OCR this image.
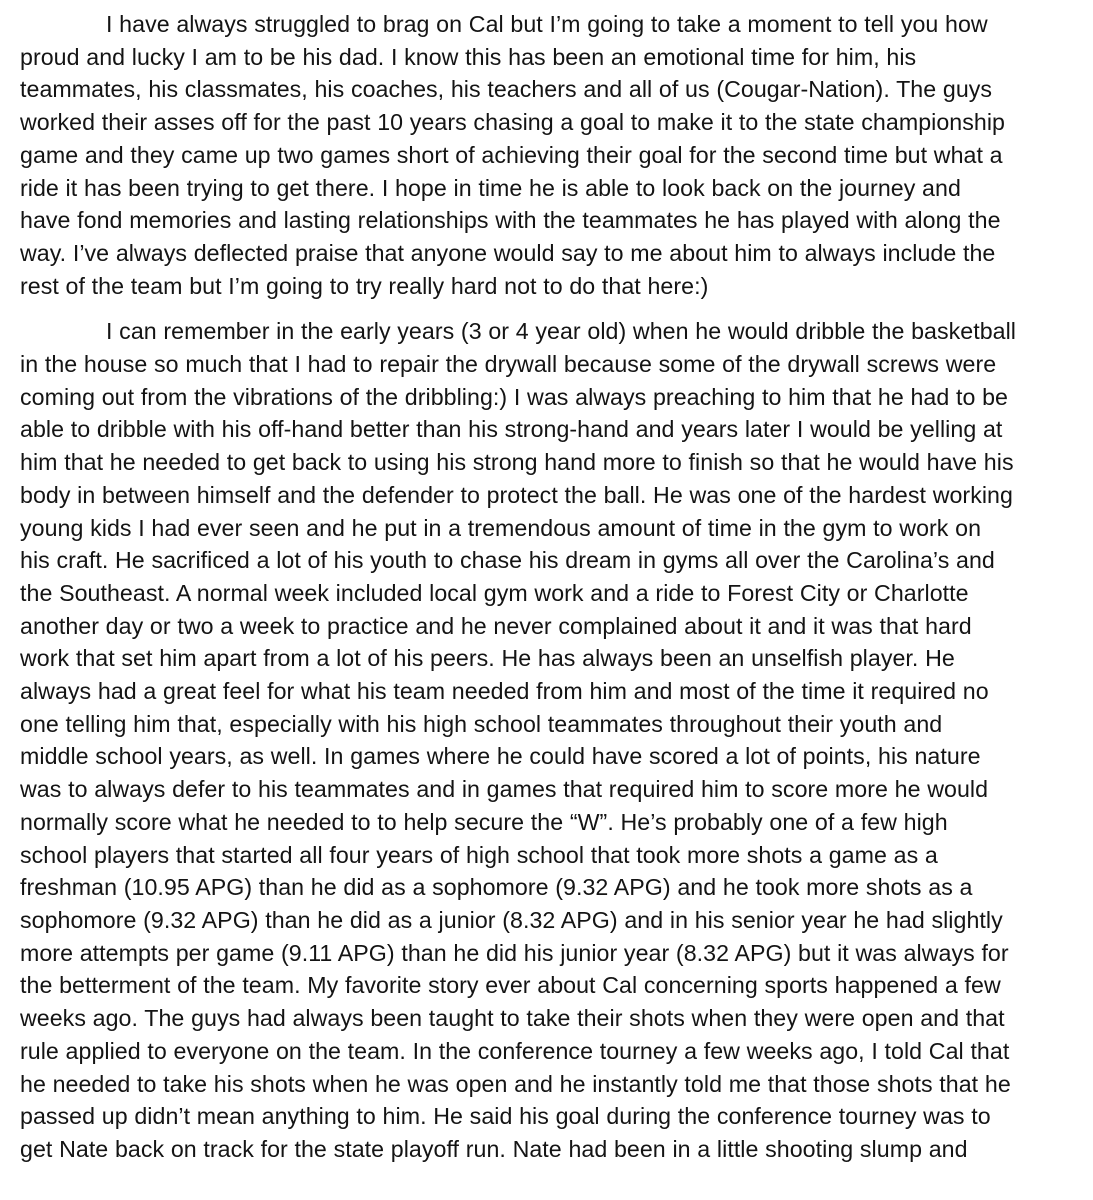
I have always struggled to brag on Cal but I’m going to take a moment to tell you how
proud and lucky I am to be his dad. I know this has been an emotional time for him, his
teammates, his classmates, his coaches, his teachers and all of us (Cougar-Nation). The guys
worked their asses off for the past 10 years chasing a goal to make it to the state championship
game and they came up two games short of achieving their goal for the second time but what a
ride it has been trying to get there. I hope in time he is able to look back on the journey and
have fond memories and lasting relationships with the teammates he has played with along the
way. I’ve always deflected praise that anyone would say to me about him to always include the
rest of the team but I’m going to try really hard not to do that here:)

I can remember in the early years (3 or 4 year old) when he would dribble the basketball
in the house so much that I had to repair the drywall because some of the drywall screws were
coming out from the vibrations of the dribbling:) I was always preaching to him that he had to be
able to dribble with his off-hand better than his strong-hand and years later I would be yelling at
him that he needed to get back to using his strong hand more to finish so that he would have his
body in between himself and the defender to protect the ball. He was one of the hardest working
young kids I had ever seen and he put in a tremendous amount of time in the gym to work on
his craft. He sacrificed a lot of his youth to chase his dream in gyms all over the Carolina’s and
the Southeast. A normal week included local gym work and a ride to Forest City or Charlotte
another day or two a week to practice and he never complained about it and it was that hard
work that set him apart from a lot of his peers. He has always been an unselfish player. He
always had a great feel for what his team needed from him and most of the time it required no
one telling him that, especially with his high school teammates throughout their youth and
middle school years, as well. In games where he could have scored a lot of points, his nature
was to always defer to his teammates and in games that required him to score more he would
normally score what he needed to to help secure the “W”. He’s probably one of a few high
school players that started all four years of high school that took more shots a game as a
freshman (10.95 APG) than he did as a sophomore (9.32 APG) and he took more shots as a
sophomore (9.32 APG) than he did as a junior (8.32 APG) and in his senior year he had slightly
more attempts per game (9.11 APG) than he did his junior year (8.32 APG) but it was always for
the betterment of the team. My favorite story ever about Cal concerning sports happened a few
weeks ago. The guys had always been taught to take their shots when they were open and that
rule applied to everyone on the team. In the conference tourney a few weeks ago, I told Cal that
he needed to take his shots when he was open and he instantly told me that those shots that he
passed up didn’t mean anything to him. He said his goal during the conference tourney was to
get Nate back on track for the state playoff run. Nate had been in a little shooting slump and
